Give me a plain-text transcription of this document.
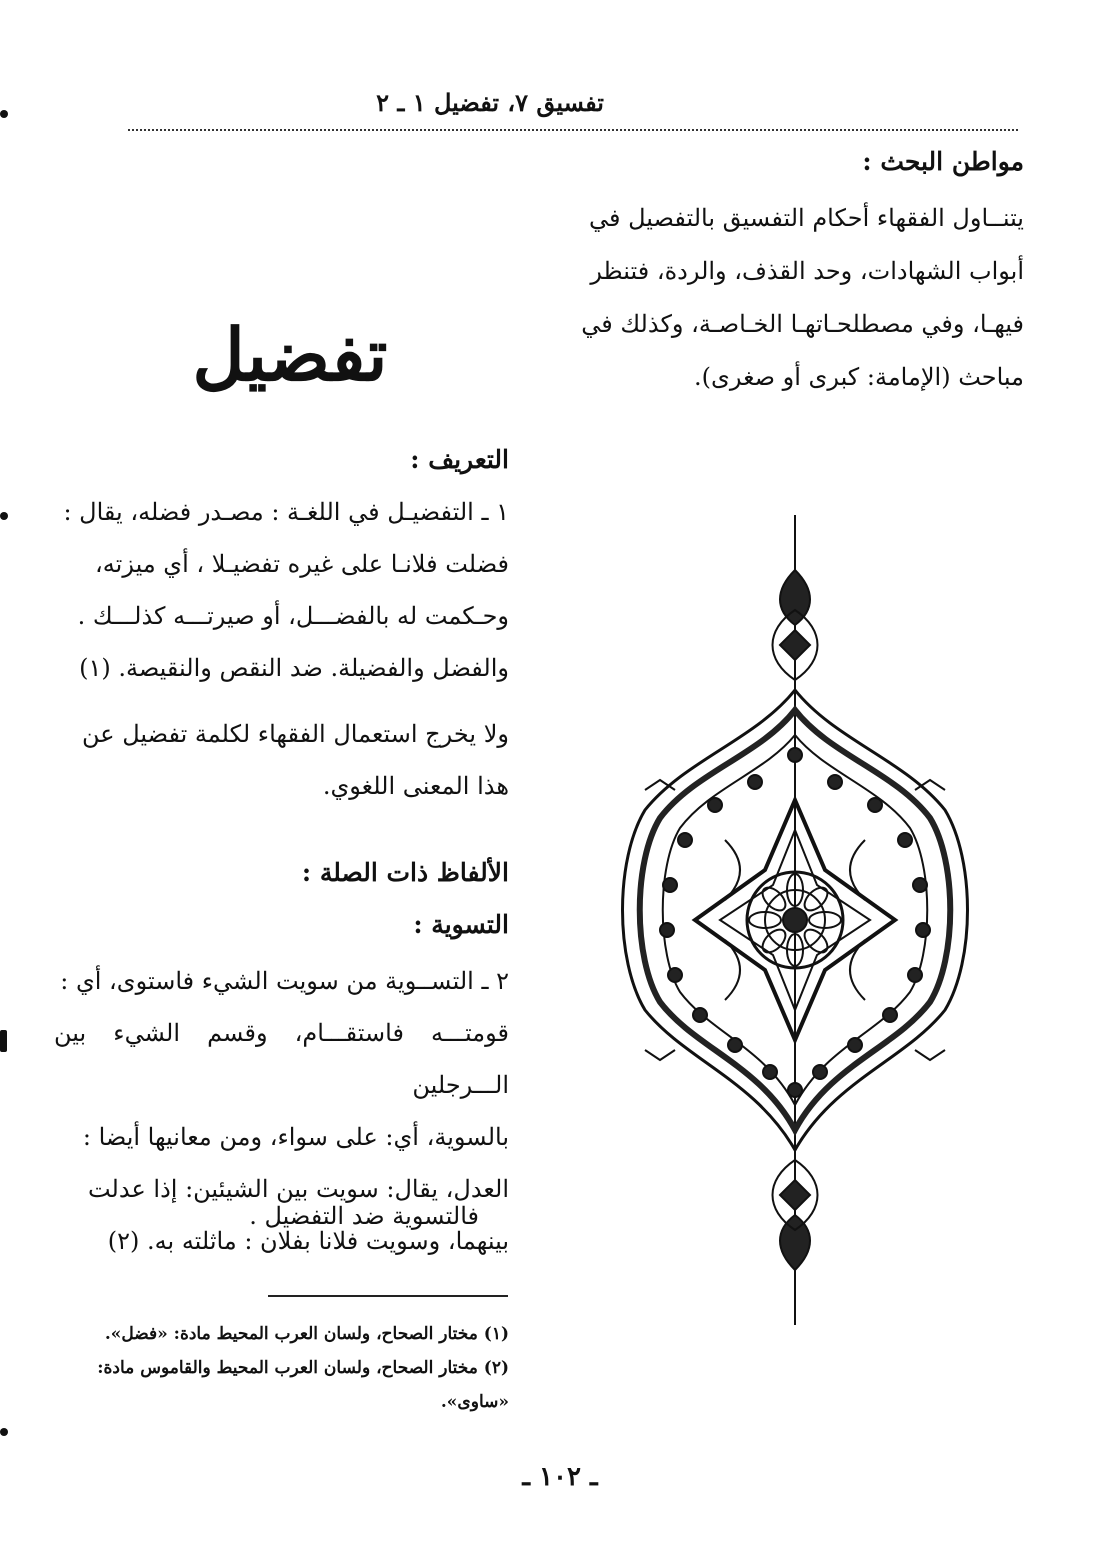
تفسيق ٧، تفضيل ١ ـ ٢
مواطن البحث :
يتنــاول الفقهاء أحكام التفسيق بالتفصيل في
أبواب الشهادات، وحد القذف، والردة، فتنظر
فيهـا، وفي مصطلحـاتهـا الخـاصـة، وكذلك في
مباحث (الإمامة: كبرى أو صغرى).
تفضيل
التعريف :
١ ـ التفضيـل في اللغـة : مصـدر فضله، يقال :
فضلت فلانـا على غيره تفضيـلا ، أي ميزته،
وحـكمت له بالفضـــل، أو صيرتـــه كذلـــك .
والفضل والفضيلة. ضد النقص والنقيصة. (١)
ولا يخرج استعمال الفقهاء لكلمة تفضيل عن
هذا المعنى اللغوي.
الألفاظ ذات الصلة :
التسوية :
٢ ـ التســوية من سويت الشيء فاستوى، أي :
قومتـــه فاستقـــام، وقسم الشيء بين الـــرجلين
بالسوية، أي: على سواء، ومن معانيها أيضا :
العدل، يقال: سويت بين الشيئين: إذا عدلت
بينهما، وسويت فلانا بفلان : ماثلته به. (٢)
فالتسوية ضد التفضيل .
(١) مختار الصحاح، ولسان العرب المحيط مادة: «فضل».
(٢) مختار الصحاح، ولسان العرب المحيط والقاموس مادة:
«ساوى».
ـ ١٠٢ ـ
